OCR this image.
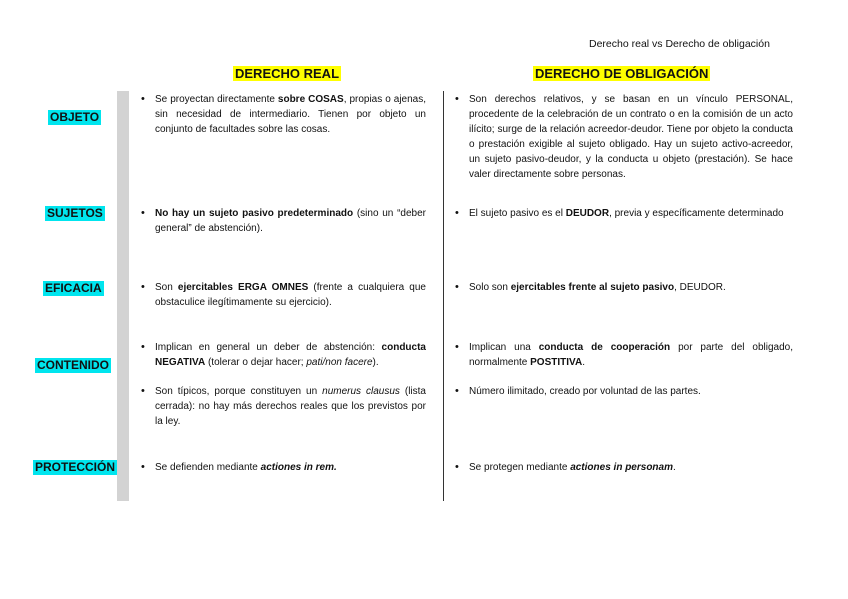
Derecho real vs Derecho de obligación
DERECHO REAL	DERECHO DE OBLIGACIÓN
OBJETO
SUJETOS
EFICACIA
CONTENIDO
PROTECCIÓN
• Se proyectan directamente sobre COSAS, propias o ajenas, sin necesidad de intermediario. Tienen por objeto un conjunto de facultades sobre las cosas.
• Son derechos relativos, y se basan en un vínculo PERSONAL, procedente de la celebración de un contrato o en la comisión de un acto ilícito; surge de la relación acreedor-deudor. Tiene por objeto la conducta o prestación exigible al sujeto obligado. Hay un sujeto activo-acreedor, un sujeto pasivo-deudor, y la conducta u objeto (prestación). Se hace valer directamente sobre personas.
• No hay un sujeto pasivo predeterminado (sino un “deber general” de abstención).
• El sujeto pasivo es el DEUDOR, previa y específicamente determinado
• Son ejercitables ERGA OMNES (frente a cualquiera que obstaculice ilegítimamente su ejercicio).
• Solo son ejercitables frente al sujeto pasivo, DEUDOR.
• Implican en general un deber de abstención: conducta NEGATIVA (tolerar o dejar hacer; pati/non facere).
• Son típicos, porque constituyen un numerus clausus (lista cerrada): no hay más derechos reales que los previstos por la ley.
• Implican una conducta de cooperación por parte del obligado, normalmente POSTITIVA.
• Número ilimitado, creado por voluntad de las partes.
• Se defienden mediante actiones in rem.
•	Se protegen mediante actiones in personam.
